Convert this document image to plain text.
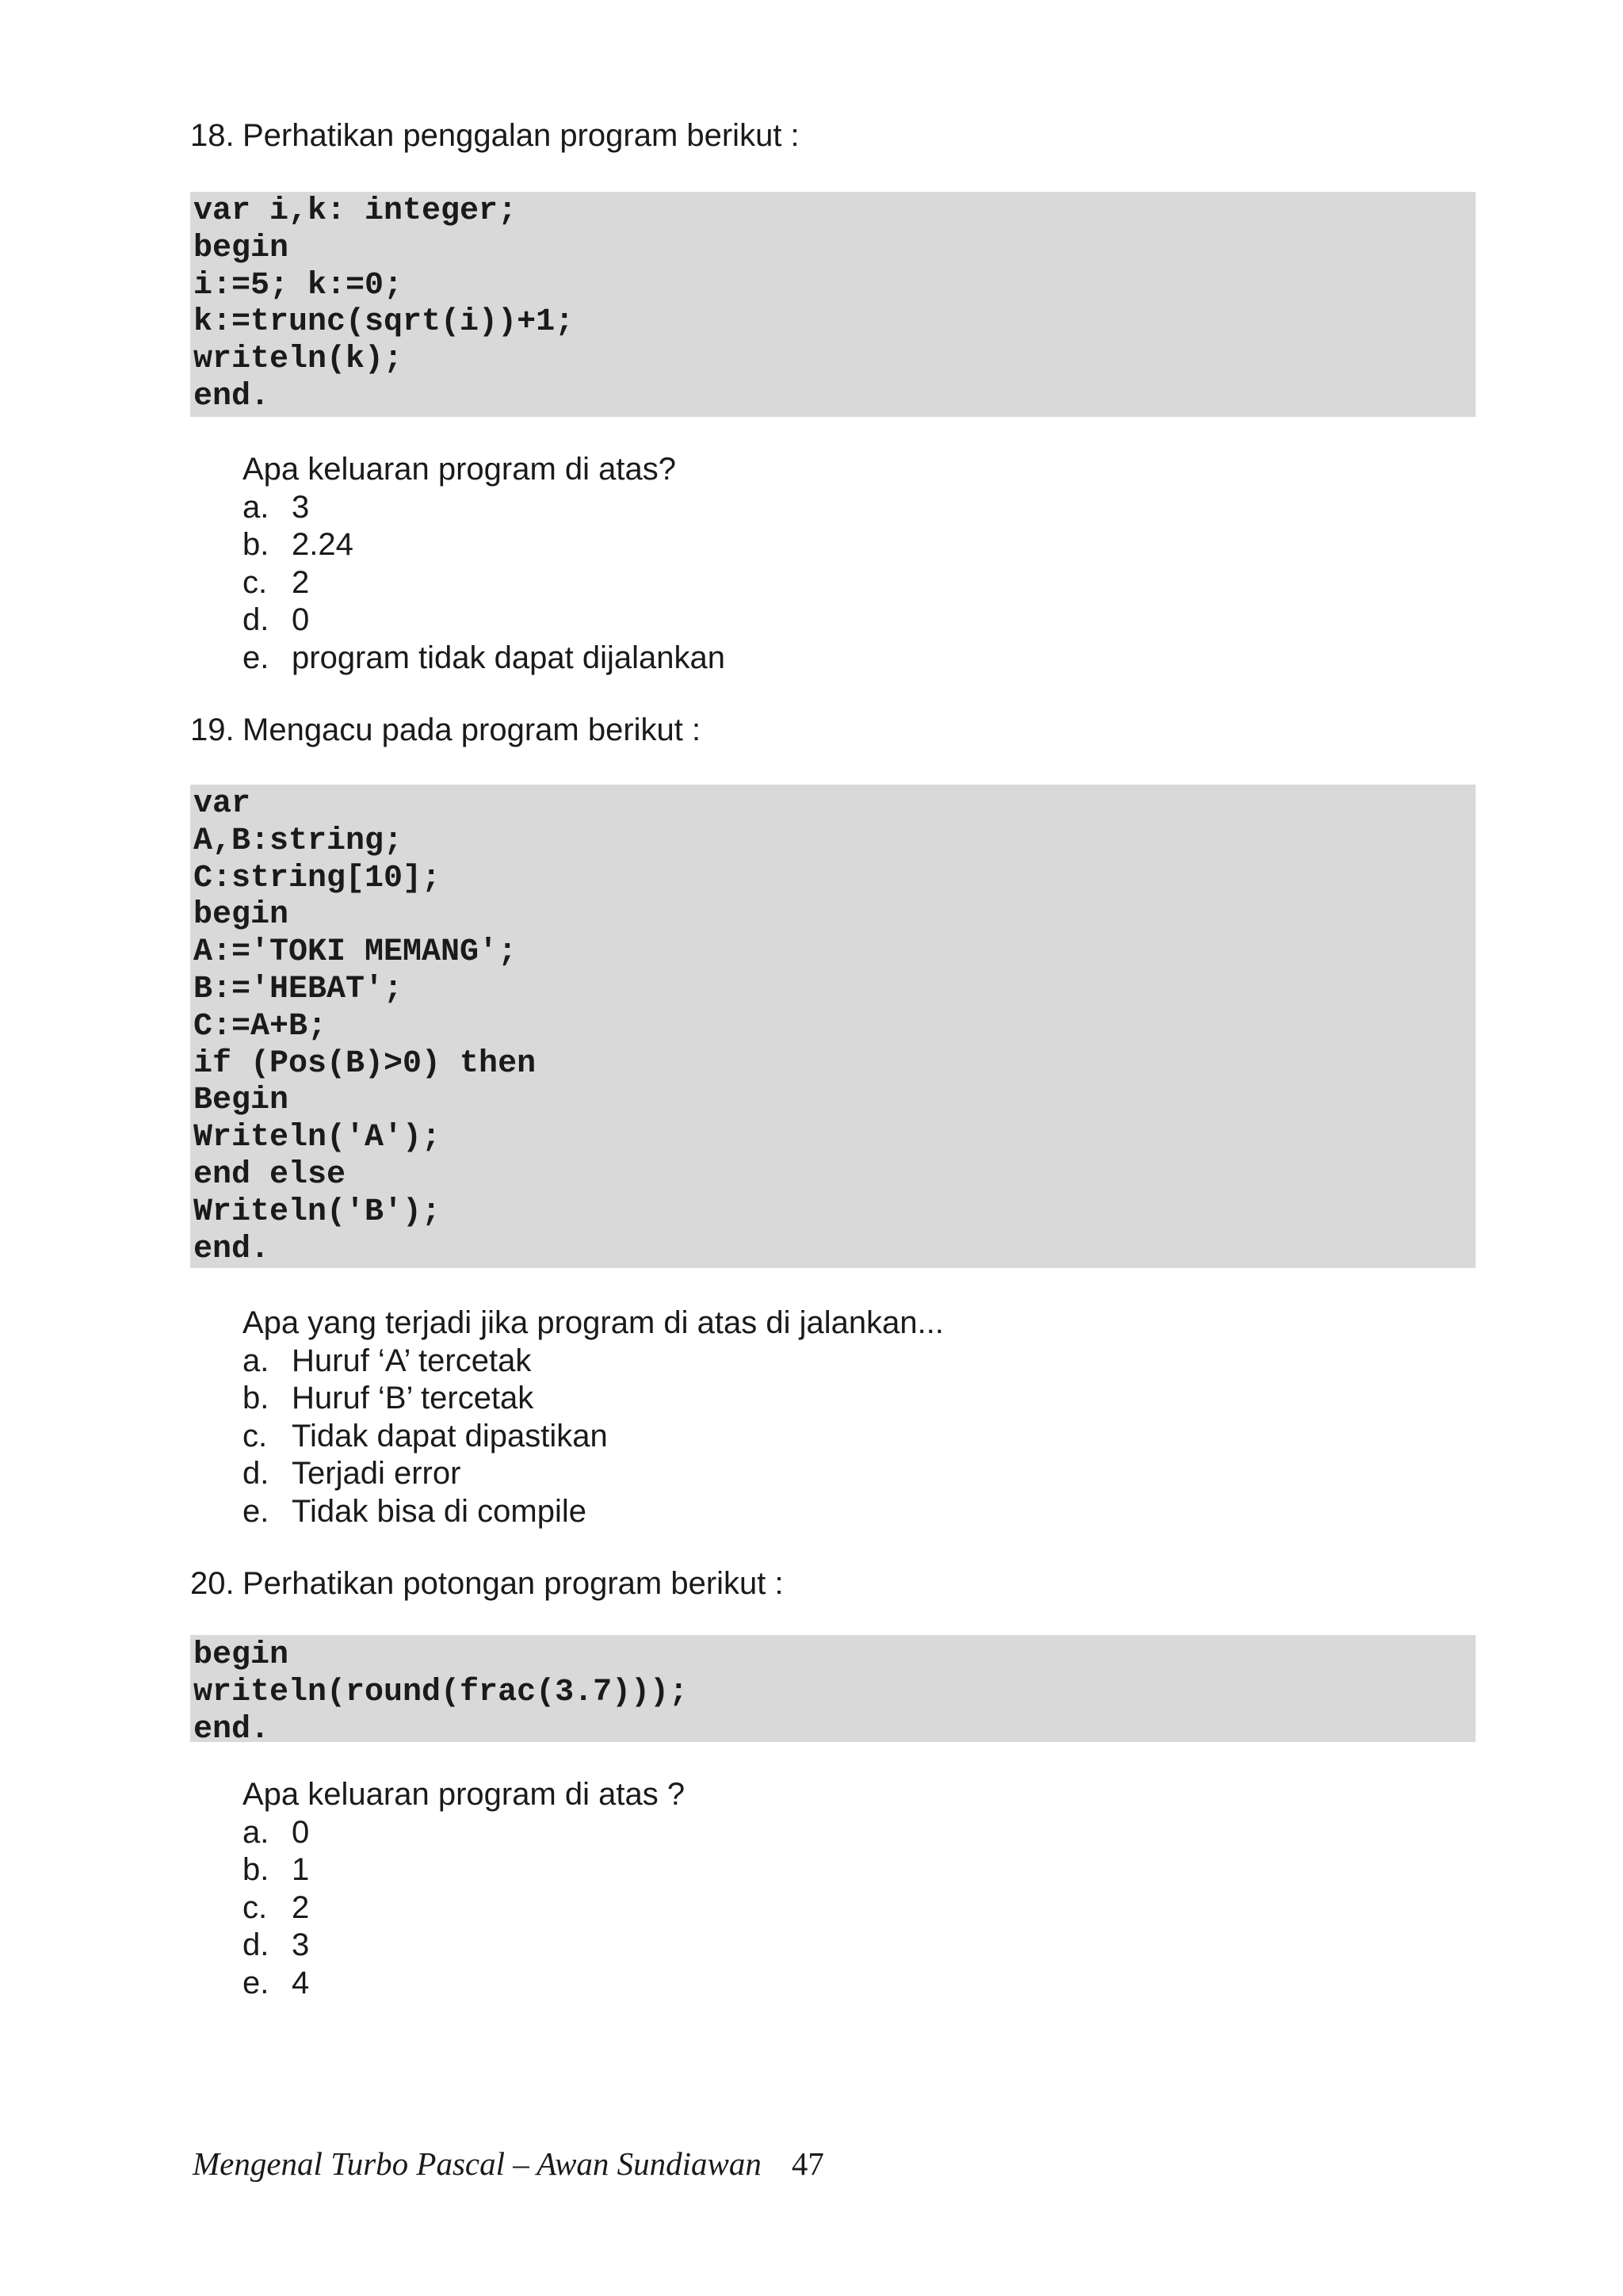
18. Perhatikan penggalan program berikut :
var i,k: integer;
begin
i:=5; k:=0;
k:=trunc(sqrt(i))+1;
writeln(k);
end.
Apa keluaran program di atas?
a. 3
b. 2.24
c. 2
d. 0
e. program tidak dapat dijalankan
19. Mengacu pada program berikut :
var
A,B:string;
C:string[10];
begin
A:='TOKI MEMANG';
B:='HEBAT';
C:=A+B;
if (Pos(B)>0) then
Begin
Writeln('A');
end else
Writeln('B');
end.
Apa yang terjadi jika program di atas di jalankan...
a. Huruf ‘A’ tercetak
b. Huruf ‘B’ tercetak
c. Tidak dapat dipastikan
d. Terjadi error
e. Tidak bisa di compile
20. Perhatikan potongan program berikut :
begin
writeln(round(frac(3.7)));
end.
Apa keluaran program di atas ?
a. 0
b. 1
c. 2
d. 3
e. 4
Mengenal Turbo Pascal – Awan Sundiawan 47
